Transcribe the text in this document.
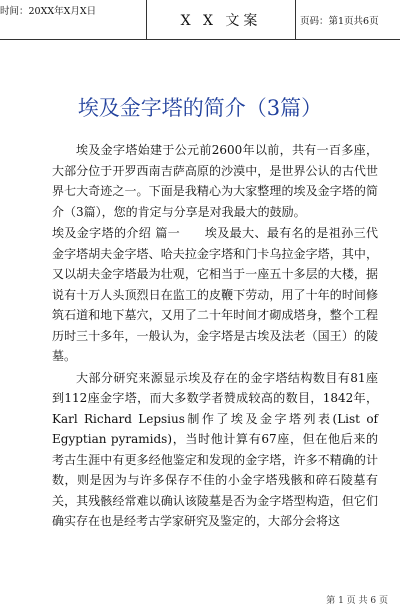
时间：20XX年X月X日
X X 文案	页码：第1页共6页
埃及金字塔的简介（3篇）

埃及金字塔始建于公元前2600年以前，共有一百多座，大部分位于开罗西南吉萨高原的沙漠中，是世界公认的古代世界七大奇迹之一。下面是我精心为大家整理的埃及金字塔的简介（3篇），您的肯定与分享是对我最大的鼓励。

埃及金字塔的介绍 篇一　　埃及最大、最有名的是祖孙三代金字塔胡夫金字塔、哈夫拉金字塔和门卡乌拉金字塔，其中，又以胡夫金字塔最为壮观，它相当于一座五十多层的大楼，据说有十万人头顶烈日在监工的皮鞭下劳动，用了十年的时间修筑石道和地下墓穴，又用了二十年时间才砌成塔身，整个工程历时三十多年，一般认为，金字塔是古埃及法老（国王）的陵墓。

大部分研究来源显示埃及存在的金字塔结构数目有81座到112座金字塔，而大多数学者赞成较高的数目，1842年，Karl Richard Lepsius制作了埃及金字塔列表(List of Egyptian pyramids)，当时他计算有67座，但在他后来的考古生涯中有更多经他鉴定和发现的金字塔，许多不精确的计数，则是因为与许多保存不佳的小金字塔残骸和碎石陵墓有关，其残骸经常难以确认该陵墓是否为金字塔型构造，但它们确实存在也是经考古学家研究及鉴定的，大部分会将这

第 1 页 共 6 页
